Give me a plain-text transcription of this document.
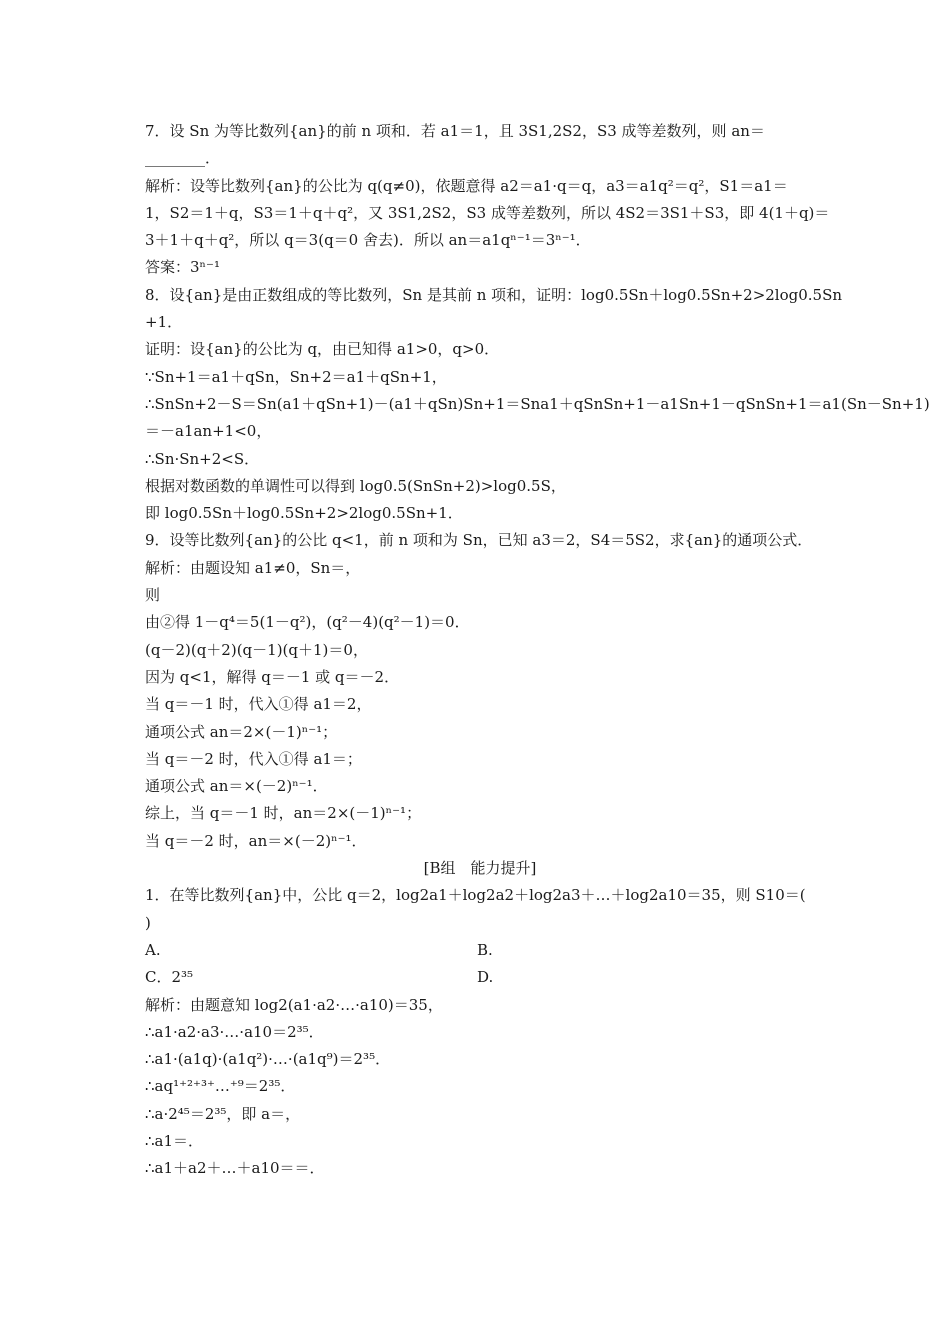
7．设 Sn 为等比数列{an}的前 n 项和．若 a1＝1，且 3S1,2S2，S3 成等差数列，则 an＝
________．
解析：设等比数列{an}的公比为 q(q≠0)，依题意得 a2＝a1·q＝q，a3＝a1q²＝q²，S1＝a1＝
1，S2＝1＋q，S3＝1＋q＋q²，又 3S1,2S2，S3 成等差数列，所以 4S2＝3S1＋S3，即 4(1＋q)＝
3＋1＋q＋q²，所以 q＝3(q＝0 舍去)．所以 an＝a1qⁿ⁻¹＝3ⁿ⁻¹．
答案：3ⁿ⁻¹
8．设{an}是由正数组成的等比数列，Sn 是其前 n 项和，证明：log0.5Sn＋log0.5Sn+2>2log0.5Sn
+1．
证明：设{an}的公比为 q，由已知得 a1>0，q>0．
∵Sn+1＝a1＋qSn，Sn+2＝a1＋qSn+1，
∴SnSn+2－S＝Sn(a1＋qSn+1)－(a1＋qSn)Sn+1＝Sna1＋qSnSn+1－a1Sn+1－qSnSn+1＝a1(Sn－Sn+1)
＝－a1an+1<0，
∴Sn·Sn+2<S．
根据对数函数的单调性可以得到 log0.5(SnSn+2)>log0.5S，
即 log0.5Sn＋log0.5Sn+2>2log0.5Sn+1．
9．设等比数列{an}的公比 q<1，前 n 项和为 Sn，已知 a3＝2，S4＝5S2，求{an}的通项公式．
解析：由题设知 a1≠0，Sn＝，
则
由②得 1－q⁴＝5(1－q²)，(q²－4)(q²－1)＝0．
(q－2)(q＋2)(q－1)(q＋1)＝0，
因为 q<1，解得 q＝－1 或 q＝－2．
当 q＝－1 时，代入①得 a1＝2，
通项公式 an＝2×(－1)ⁿ⁻¹；
当 q＝－2 时，代入①得 a1＝；
通项公式 an＝×(－2)ⁿ⁻¹．
综上，当 q＝－1 时，an＝2×(－1)ⁿ⁻¹；
当 q＝－2 时，an＝×(－2)ⁿ⁻¹．
[B组　能力提升]
1．在等比数列{an}中，公比 q＝2，log2a1＋log2a2＋log2a3＋…＋log2a10＝35，则 S10＝(
)
A.	B.
C．2³⁵	D.
解析：由题意知 log2(a1·a2·…·a10)＝35，
∴a1·a2·a3·…·a10＝2³⁵．
∴a1·(a1q)·(a1q²)·…·(a1q⁹)＝2³⁵．
∴aq¹⁺²⁺³⁺…⁺⁹＝2³⁵．
∴a·2⁴⁵＝2³⁵，即 a＝，
∴a1＝．
∴a1＋a2＋…＋a10＝＝．
